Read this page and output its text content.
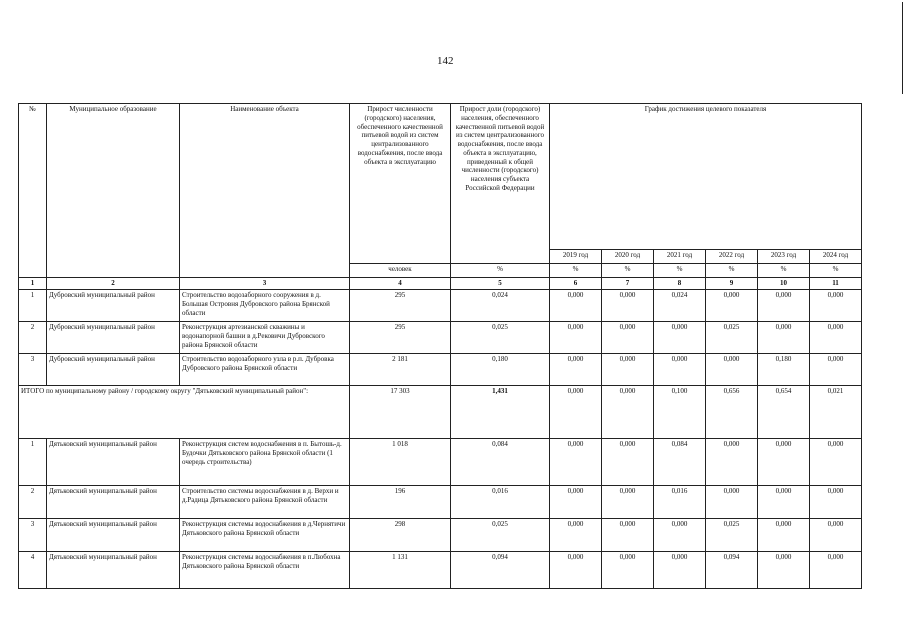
142
№	Муниципальное образование	Наименование объекта	Прирост численности (городского) населения, обеспеченного качественной питьевой водой из систем централизованного водоснабжения, после ввода объекта в эксплуатацию	Прирост доли (городского) населения, обеспеченного качественной питьевой водой из систем централизованного водоснабжения, после ввода объекта в эксплуатацию, приведенный к общей численности (городского) населения субъекта Российской Федерации	График достижения целевого показателя					
					2019 год	2020 год	2021 год	2022 год	2023 год	2024 год
			человек	%	%	%	%	%	%	%
1	2	3	4	5	6	7	8	9	10	11
1	Дубровский муниципальный район	Строительство водозаборного сооружения в д. Большая Островня Дубровского района Брянской области	295	0,024	0,000	0,000	0,024	0,000	0,000	0,000
2	Дубровский муниципальный район	Реконструкция артезианской скважины и водонапорной башни в д.Рековичи Дубровского района Брянской области	295	0,025	0,000	0,000	0,000	0,025	0,000	0,000
3	Дубровский муниципальный район	Строительство водозаборного узла в р.п. Дубровка Дубровского района Брянской области	2 181	0,180	0,000	0,000	0,000	0,000	0,180	0,000
ИТОГО по муниципальному району / городскому округу "Дятьковский муниципальный район":			17 303	1,431	0,000	0,000	0,100	0,656	0,654	0,021
1	Дятьковский муниципальный район	Реконструкция систем водоснабжения в п. Бытошь-д. Будочки Дятьковского района Брянской области (1 очередь строительства)	1 018	0,084	0,000	0,000	0,084	0,000	0,000	0,000
2	Дятьковский муниципальный район	Строительство системы водоснабжения в д. Верхи и д.Радица Дятьковского района Брянской области	196	0,016	0,000	0,000	0,016	0,000	0,000	0,000
3	Дятьковский муниципальный район	Реконструкция системы водоснабжения в д.Чернятичи Дятьковского района Брянской области	298	0,025	0,000	0,000	0,000	0,025	0,000	0,000
4	Дятьковский муниципальный район	Реконструкция системы водоснабжения в п.Любохна Дятьковского района Брянской области	1 131	0,094	0,000	0,000	0,000	0,094	0,000	0,000
